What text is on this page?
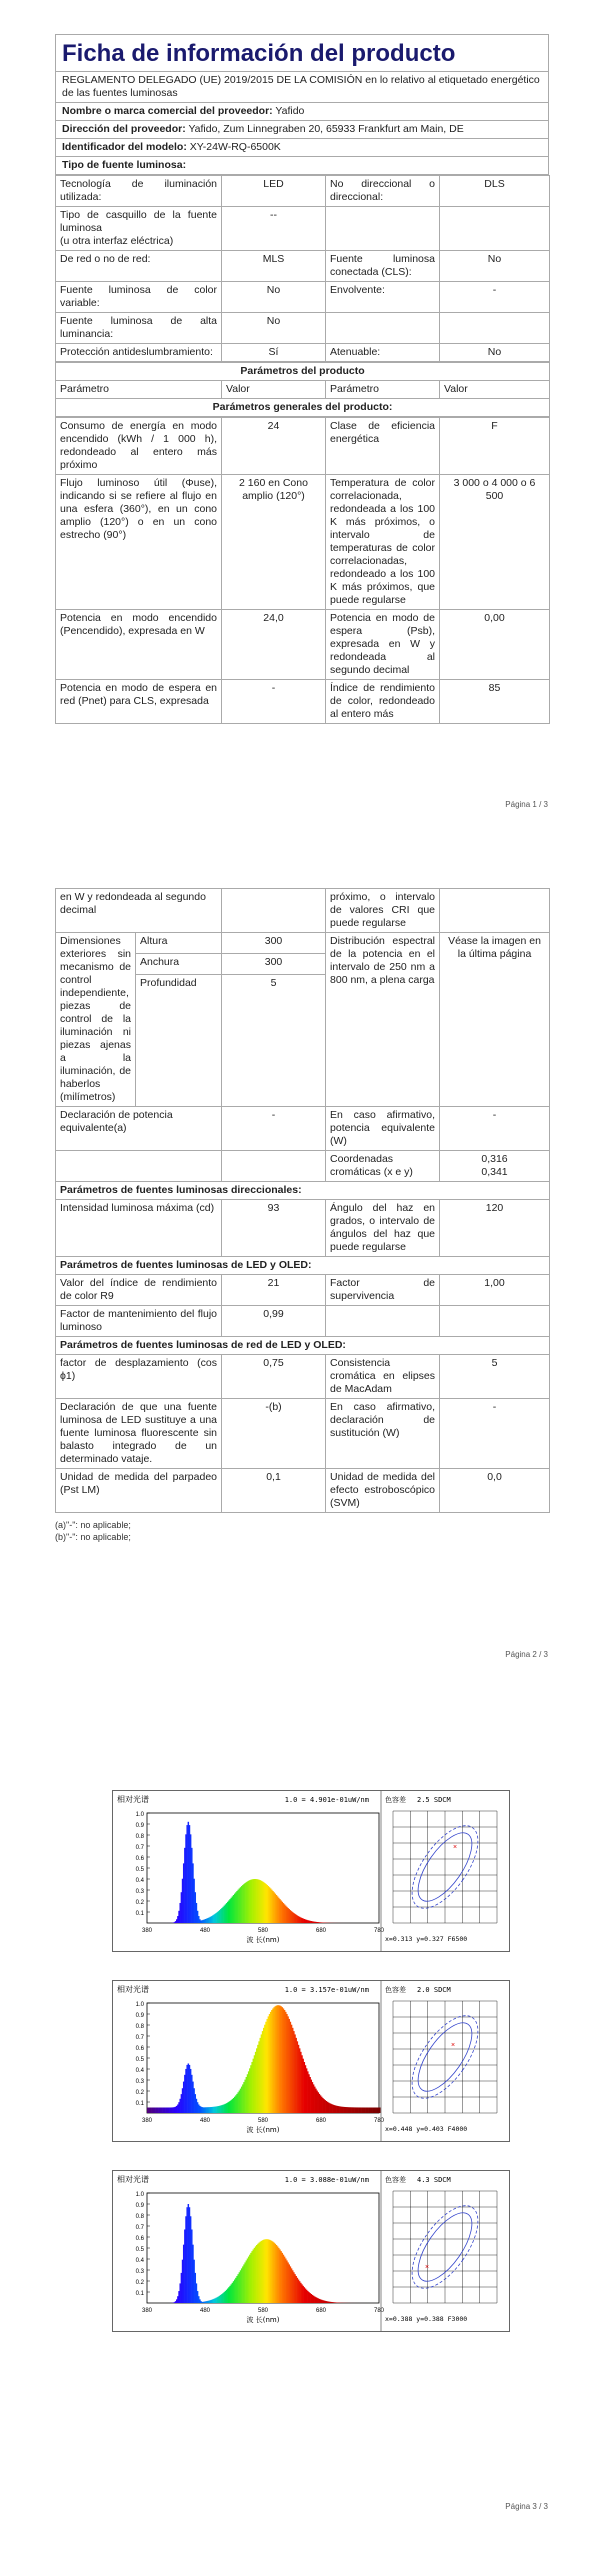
Ficha de información del producto
REGLAMENTO DELEGADO (UE) 2019/2015 DE LA COMISIÓN en lo relativo al etiquetado energético de las fuentes luminosas
Nombre o marca comercial del proveedor: Yafido
Dirección del proveedor: Yafido, Zum Linnegraben 20, 65933 Frankfurt am Main, DE
Identificador del modelo: XY-24W-RQ-6500K
Tipo de fuente luminosa:
Tecnología de iluminación utilizada:	LED	No direccional o direccional:	DLS
Tipo de casquillo de la fuente luminosa
(u otra interfaz eléctrica)	--		
De red o no de red:	MLS	Fuente luminosa conectada (CLS):	No
Fuente luminosa de color variable:	No	Envolvente:	-
Fuente luminosa de alta luminancia:	No		
Protección antideslumbramiento:	Sí	Atenuable:	No
Parámetros del producto
Parámetro	Valor	Parámetro	Valor
Parámetros generales del producto:
Consumo de energía en modo encendido (kWh / 1 000 h), redondeado al entero más próximo	24	Clase de eficiencia energética	F
Flujo luminoso útil (Φuse), indicando si se refiere al flujo en una esfera (360°), en un cono amplio (120°) o en un cono estrecho (90°)	2 160 en Cono amplio (120°)	Temperatura de color correlacionada, redondeada a los 100 K más próximos, o intervalo de temperaturas de color correlacionadas, redondeado a los 100 K más próximos, que puede regularse	3 000 o 4 000 o 6 500
Potencia en modo encendido (Pencendido), expresada en W	24,0	Potencia en modo de espera (Psb), expresada en W y redondeada al segundo decimal	0,00
Potencia en modo de espera en red (Pnet) para CLS, expresada	-	Índice de rendimiento de color, redondeado al entero más	85
Página 1 / 3
en W y redondeada al segundo decimal			próximo, o intervalo de valores CRI que puede regularse	
Dimensiones exteriores sin mecanismo de control independiente, piezas de control de la iluminación ni piezas ajenas a la iluminación, de haberlos (milímetros)	Altura	300	Distribución espectral de la potencia en el intervalo de 250 nm a 800 nm, a plena carga	Véase la imagen en la última página
	Anchura	300		
	Profundidad	5		
Declaración de potencia equivalente(a)		-	En caso afirmativo, potencia equivalente (W)	-
			Coordenadas cromáticas (x e y)	0,316
0,341
Parámetros de fuentes luminosas direccionales:				
Intensidad luminosa máxima (cd)		93	Ángulo del haz en grados, o intervalo de ángulos del haz que puede regularse	120
Parámetros de fuentes luminosas de LED y OLED:				
Valor del índice de rendimiento de color R9		21	Factor de supervivencia	1,00
Factor de mantenimiento del flujo luminoso		0,99		
Parámetros de fuentes luminosas de red de LED y OLED:				
factor de desplazamiento (cos ϕ1)		0,75	Consistencia cromática en elipses de MacAdam	5
Declaración de que una fuente luminosa de LED sustituye a una fuente luminosa fluorescente sin balasto integrado de un determinado vataje.		-(b)	En caso afirmativo, declaración de sustitución (W)	-
Unidad de medida del parpadeo (Pst LM)		0,1	Unidad de medida del efecto estroboscópico (SVM)	0,0
(a)"-": no aplicable;
(b)"-": no aplicable;
Página 2 / 3
相对光谱	1.0 = 4.901e-01uW/nm
1.0
0.9
0.8
0.7
0.6
0.5
0.4
0.3
0.2
0.1
380	480	580	680	780
波 长(nm)
色容差 2.5 SDCM
×
x=0.313 y=0.327 F6500
相对光谱	1.0 = 3.157e-01uW/nm
1.0
0.9
0.8
0.7
0.6
0.5
0.4
0.3
0.2
0.1
380	480	580	680	780
波 长(nm)
色容差 2.0 SDCM
×
x=0.448 y=0.403 F4000
相对光谱	1.0 = 3.088e-01uW/nm
1.0
0.9
0.8
0.7
0.6
0.5
0.4
0.3
0.2
0.1
380	480	580	680	780
波 长(nm)
色容差 4.3 SDCM
×
x=0.388 y=0.388 F3000
Página 3 / 3
